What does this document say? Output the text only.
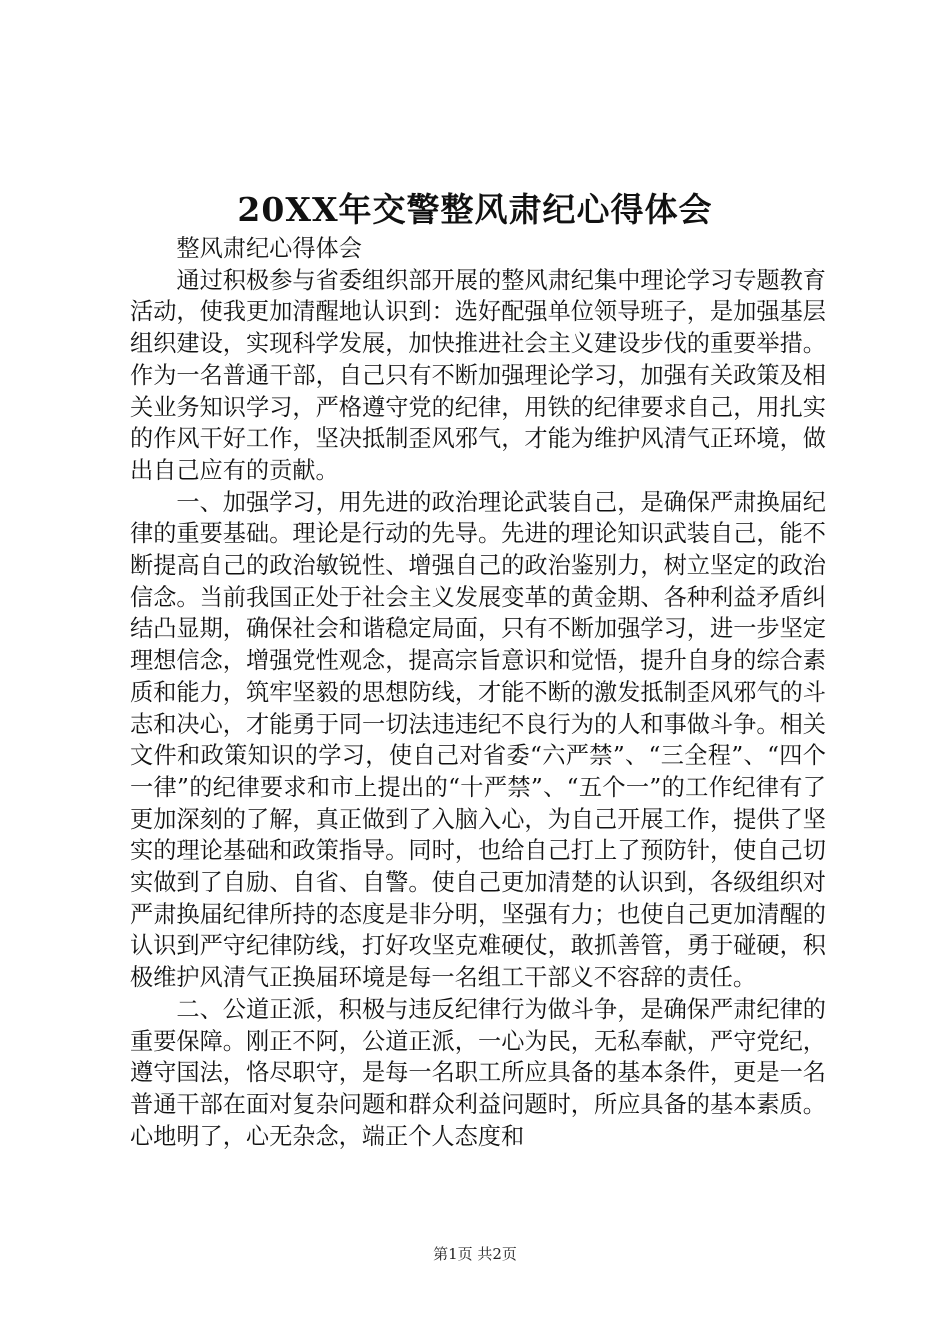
20XX年交警整风肃纪心得体会

整风肃纪心得体会

通过积极参与省委组织部开展的整风肃纪集中理论学习专题教育活动，使我更加清醒地认识到：选好配强单位领导班子，是加强基层组织建设，实现科学发展，加快推进社会主义建设步伐的重要举措。作为一名普通干部，自己只有不断加强理论学习，加强有关政策及相关业务知识学习，严格遵守党的纪律，用铁的纪律要求自己，用扎实的作风干好工作，坚决抵制歪风邪气，才能为维护风清气正环境，做出自己应有的贡献。

一、加强学习，用先进的政治理论武装自己，是确保严肃换届纪律的重要基础。理论是行动的先导。先进的理论知识武装自己，能不断提高自己的政治敏锐性、增强自己的政治鉴别力，树立坚定的政治信念。当前我国正处于社会主义发展变革的黄金期、各种利益矛盾纠结凸显期，确保社会和谐稳定局面，只有不断加强学习，进一步坚定理想信念，增强党性观念，提高宗旨意识和觉悟，提升自身的综合素质和能力，筑牢坚毅的思想防线，才能不断的激发抵制歪风邪气的斗志和决心，才能勇于同一切法违违纪不良行为的人和事做斗争。相关文件和政策知识的学习，使自己对省委“六严禁”、“三全程”、“四个一律”的纪律要求和市上提出的“十严禁”、“五个一”的工作纪律有了更加深刻的了解，真正做到了入脑入心，为自己开展工作，提供了坚实的理论基础和政策指导。同时，也给自己打上了预防针，使自己切实做到了自励、自省、自警。使自己更加清楚的认识到，各级组织对严肃换届纪律所持的态度是非分明，坚强有力；也使自己更加清醒的认识到严守纪律防线，打好攻坚克难硬仗，敢抓善管，勇于碰硬，积极维护风清气正换届环境是每一名组工干部义不容辞的责任。

二、公道正派，积极与违反纪律行为做斗争，是确保严肃纪律的重要保障。刚正不阿，公道正派，一心为民，无私奉献，严守党纪，遵守国法，恪尽职守，是每一名职工所应具备的基本条件，更是一名普通干部在面对复杂问题和群众利益问题时，所应具备的基本素质。心地明了，心无杂念，端正个人态度和

第1页 共2页
